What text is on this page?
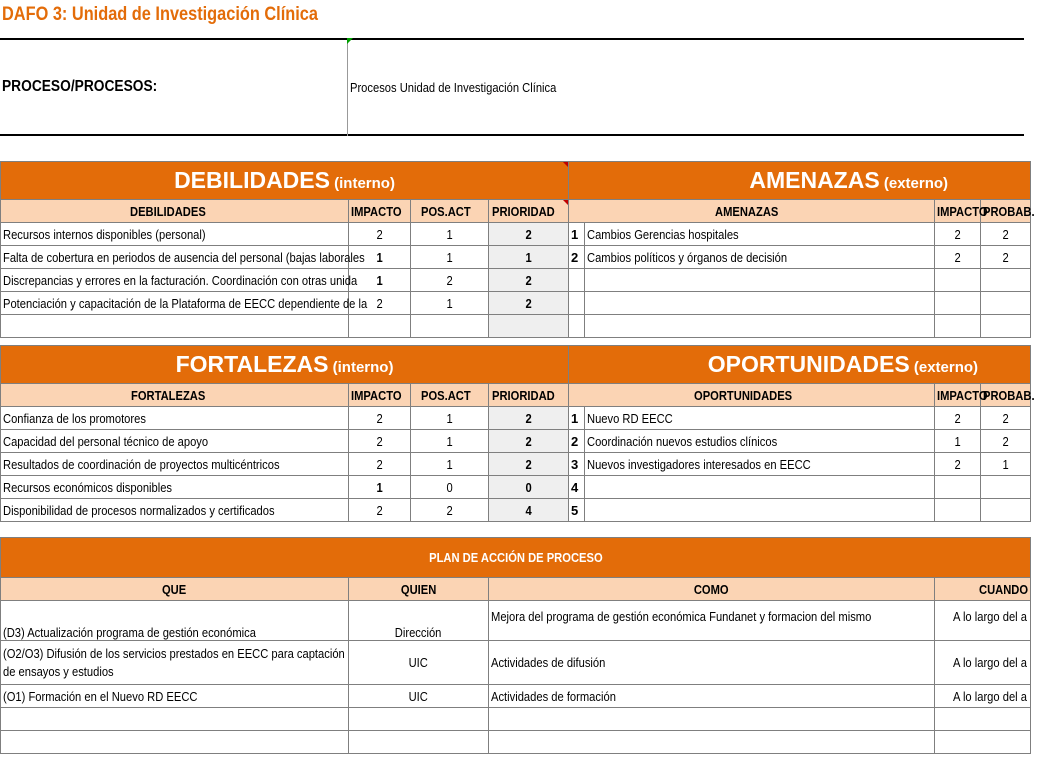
DAFO 3: Unidad de Investigación Clínica
PROCESO/PROCESOS:	Procesos Unidad de Investigación Clínica
DEBILIDADES (interno)				AMENAZAS (externo)			
DEBILIDADES	IMPACTO	POS.ACT	PRIORIDAD	AMENAZAS		IMPACTO	PROBAB.
Recursos internos disponibles (personal)	2	1	2	1	Cambios Gerencias hospitales	2	2
Falta de cobertura en periodos de ausencia del personal (bajas laborales	1	1	1	2	Cambios políticos y órganos de decisión	2	2
Discrepancias y errores en la facturación. Coordinación con otras unida	1	2	2				
Potenciación y capacitación de la Plataforma de EECC dependiente de la	2	1	2				

FORTALEZAS (interno)				OPORTUNIDADES (externo)			
FORTALEZAS	IMPACTO	POS.ACT	PRIORIDAD	OPORTUNIDADES		IMPACTO	PROBAB.
Confianza de los promotores	2	1	2	1	Nuevo RD EECC	2	2
Capacidad del personal técnico de apoyo	2	1	2	2	Coordinación nuevos estudios clínicos	1	2
Resultados de coordinación de proyectos multicéntricos	2	1	2	3	Nuevos investigadores interesados en EECC	2	1
Recursos económicos disponibles	1	0	0	4			
Disponibilidad de procesos normalizados y certificados	2	2	4	5			
PLAN DE ACCIÓN DE PROCESO			
QUE	QUIEN	COMO	CUANDO
(D3) Actualización programa de gestión económica	Dirección	Mejora del programa de gestión económica Fundanet y formacion del mismo	A lo largo del a

(O2/O3) Difusión de los servicios prestados en EECC para captación de ensayos y estudios	UIC	Actividades de difusión	A lo largo del a
(O1) Formación en el Nuevo RD EECC	UIC	Actividades de formación	A lo largo del a
